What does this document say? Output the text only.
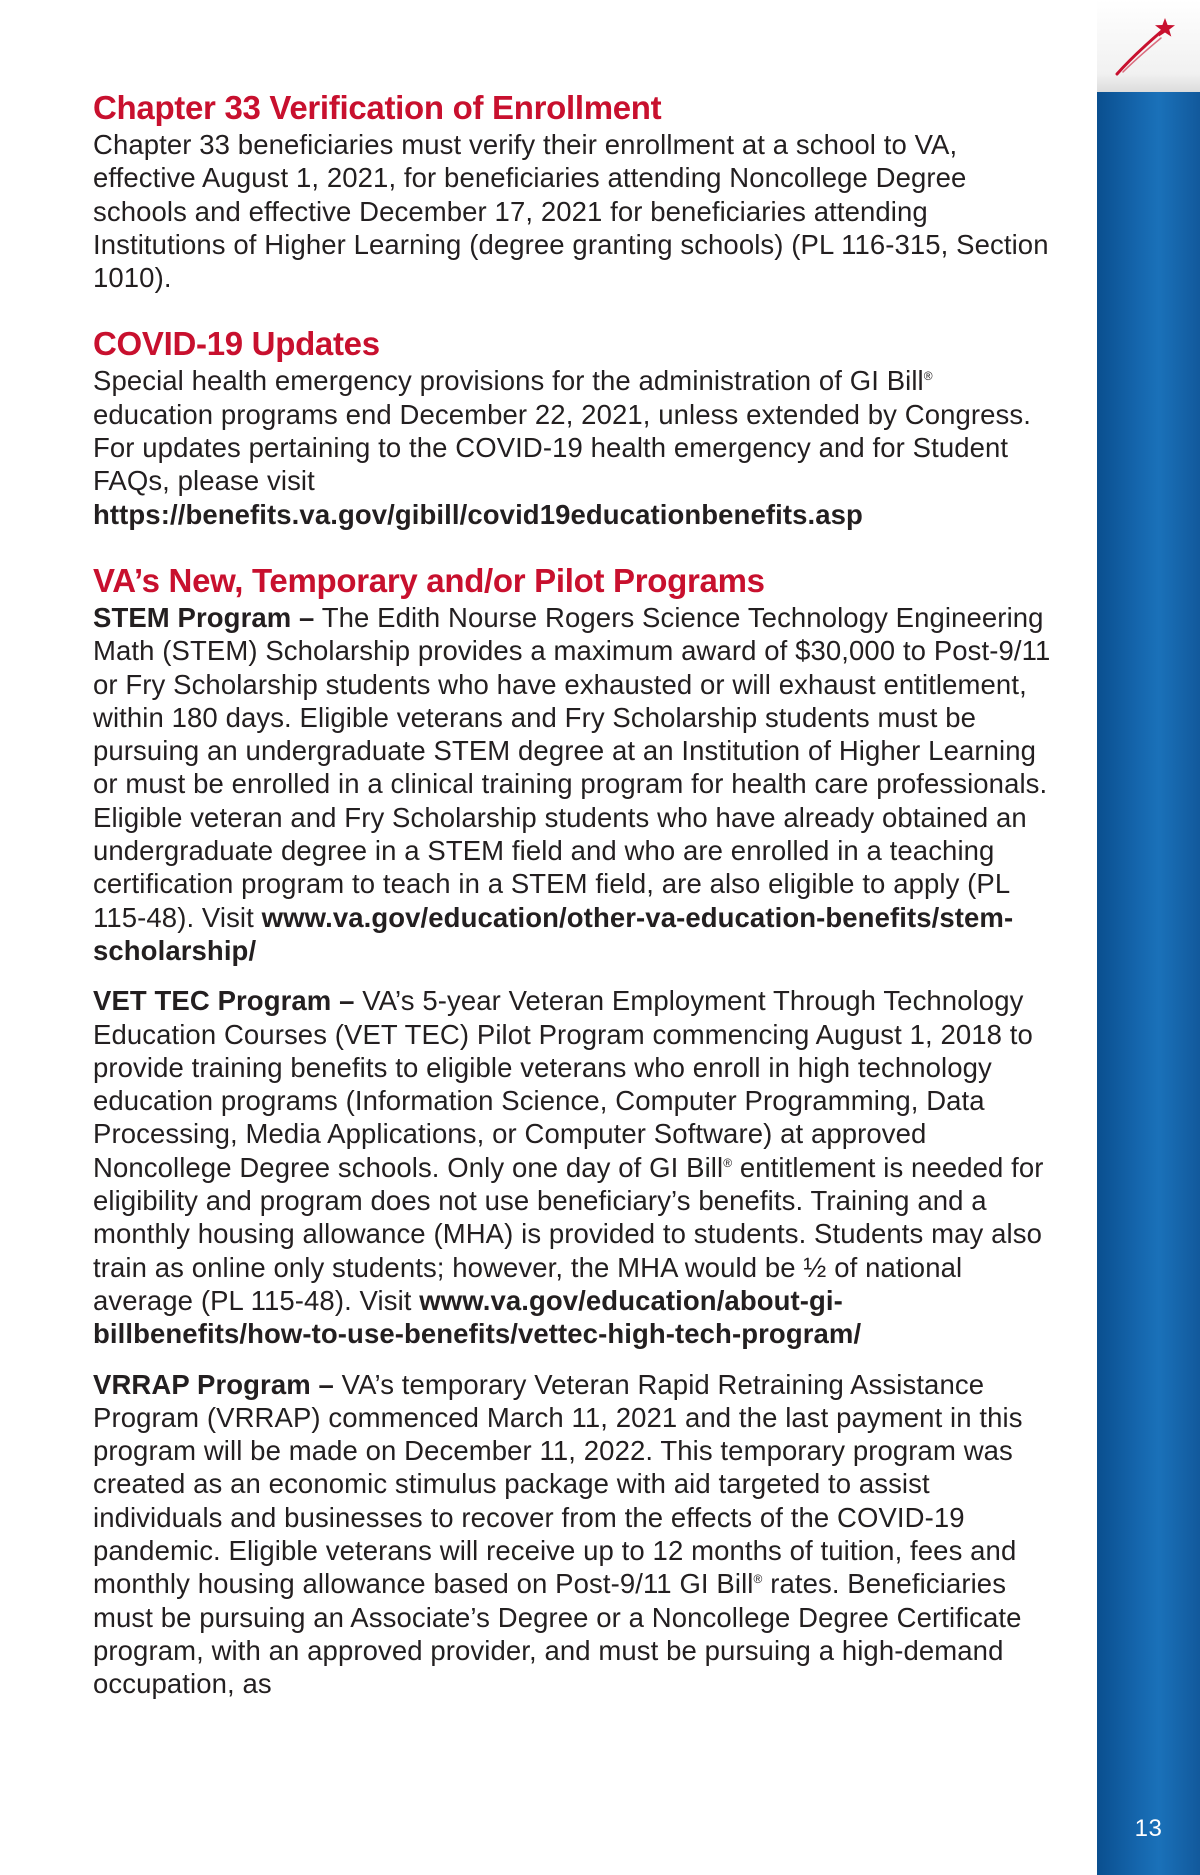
Chapter 33 Verification of Enrollment

Chapter 33 beneficiaries must verify their enrollment at a school to VA, effective August 1, 2021, for beneficiaries attending Noncollege Degree schools and effective December 17, 2021 for beneficiaries attending Institutions of Higher Learning (degree granting schools) (PL 116-315, Section 1010).

COVID-19 Updates

Special health emergency provisions for the administration of GI Bill® education programs end December 22, 2021, unless extended by Congress. For updates pertaining to the COVID-19 health emergency and for Student FAQs, please visit https://benefits.va.gov/gibill/covid19educationbenefits.asp

VA’s New, Temporary and/or Pilot Programs

STEM Program – The Edith Nourse Rogers Science Technology Engineering Math (STEM) Scholarship provides a maximum award of $30,000 to Post-9/11 or Fry Scholarship students who have exhausted or will exhaust entitlement, within 180 days. Eligible veterans and Fry Scholarship students must be pursuing an undergraduate STEM degree at an Institution of Higher Learning or must be enrolled in a clinical training program for health care professionals. Eligible veteran and Fry Scholarship students who have already obtained an undergraduate degree in a STEM field and who are enrolled in a teaching certification program to teach in a STEM field, are also eligible to apply (PL 115-48). Visit www.va.gov/education/other-va-education-benefits/stem-scholarship/

VET TEC Program – VA’s 5-year Veteran Employment Through Technology Education Courses (VET TEC) Pilot Program commencing August 1, 2018 to provide training benefits to eligible veterans who enroll in high technology education programs (Information Science, Computer Programming, Data Processing, Media Applications, or Computer Software) at approved Noncollege Degree schools. Only one day of GI Bill® entitlement is needed for eligibility and program does not use beneficiary’s benefits. Training and a monthly housing allowance (MHA) is provided to students. Students may also train as online only students; however, the MHA would be ½ of national average (PL 115-48). Visit www.va.gov/education/about-gi-billbenefits/how-to-use-benefits/vettec-high-tech-program/

VRRAP Program – VA’s temporary Veteran Rapid Retraining Assistance Program (VRRAP) commenced March 11, 2021 and the last payment in this program will be made on December 11, 2022. This temporary program was created as an economic stimulus package with aid targeted to assist individuals and businesses to recover from the effects of the COVID-19 pandemic. Eligible veterans will receive up to 12 months of tuition, fees and monthly housing allowance based on Post-9/11 GI Bill® rates. Beneficiaries must be pursuing an Associate’s Degree or a Noncollege Degree Certificate program, with an approved provider, and must be pursuing a high-demand occupation, as

13
